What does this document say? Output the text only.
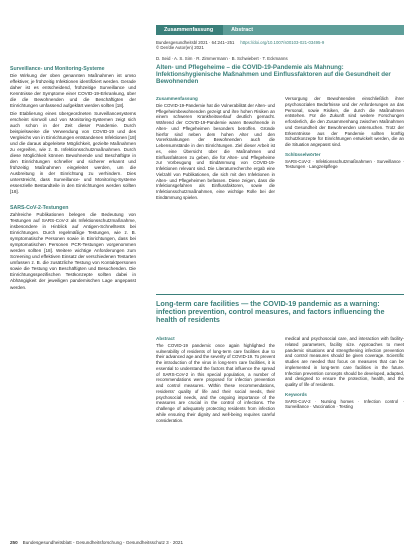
Surveillance- und Monitoring-Systeme

Die Wirkung der oben genannten Maßnahmen ist umso effektiver, je frühzeitig Infektionen identifiziert werden. Gerade daher ist es entscheidend, frühzeitige Surveillance und Kenntnisse der Symptome einer COVID-19-Erkrankung, über die die Bewohnenden und die Beschäftigten der Einrichtungen umfassend aufgeklärt werden sollten [18].

Die Etablierung eines übergeordneten Surveillancesystems erscheint sinnvoll und von Monitoring-Systemen zeigt sich auch schon in der Zeit dieser Pandemie. Durch beispielsweise die Verwendung von COVID-19 und des Vergleichs von in Einrichtungen entstandenen Infektionen [18] und die daraus abgeleitete Möglichkeit, gezielte Maßnahmen zu ergreifen, wie z. B. Infektionsschutzmaßnahmen. Durch diese Möglichkeit können Bewohnende und Beschäftigte in den Einrichtungen schneller und sicherer erkannt und frühzeitig Maßnahmen eingeleitet werden, um die Ausbreitung in der Einrichtung zu verhindern. Dies unterstreicht, dass Surveillance- und Monitoring-Systeme essenzielle Bestandteile in den Einrichtungen werden sollten [18].

SARS-CoV-2-Testungen

Zahlreiche Publikationen belegen die Bedeutung von Testungen auf SARS-CoV-2 als Infektionsschutzmaßnahme, insbesondere in Hinblick auf Antigen-Schnelltests bei Einrichtungen. Durch regelmäßige Testungen, wie z. B. symptomatische Personen sowie in Einrichtungen, dass bei symptomatischen Personen PCR-Testungen vorgenommen werden sollten [18]. Weitere wichtige Anforderungen zum Screening und effektiven Einsatz der verschiedenen Testarten umfassen z. B. die zusätzliche Testung von Kontaktpersonen sowie die Testung von Beschäftigten und Besuchenden. Die Einrichtungsspezifischen Testkonzepte sollten dabei in Abhängigkeit der jeweiligen pandemischen Lage angepasst werden.

Zusammenfassung	Abstract
Bundesgesundheitsbl 2021 · 64:241–251 https://doi.org/10.1007/s00103-021-03495-9
© Der/die Autor(en) 2021
D. Seid · A. S. Sim · R. Zimmermann · B. Schwiebert · T. Eckmanns
Alten- und Pflegeheime – die COVID-19-Pandemie als Mahnung: Infektionshygienische Maßnahmen und Einflussfaktoren auf die Gesundheit der Bewohnenden
Zusammenfassung

Die COVID-19-Pandemie hat die Vulnerabilität der Alten- und Pflegeheimbewohnenden gezeigt und ihre hohen Risiken an einem schweren Krankheitsverlauf deutlich gemacht. Während der COVID-19-Pandemie waren Bewohnende in Alten- und Pflegeheimen besonders betroffen. Gründe hierfür sind neben dem hohen Alter und den Vorerkrankungen der Bewohnenden auch die Lebensumstände in den Einrichtungen. Ziel dieser Arbeit ist es, eine Übersicht über die Maßnahmen und Einflussfaktoren zu geben, die für Alten- und Pflegeheime zur Vorbeugung und Eindämmung von COVID-19-Infektionen relevant sind. Die Literaturrecherche ergab eine Vielzahl von Publikationen, die sich mit den Infektionen in Alten- und Pflegeheimen befassen. Diese zeigen, dass die Infektionsgefahren als Einflussfaktoren, sowie die Infektionsschutzmaßnahmen, eine wichtige Rolle bei der Eindämmung spielen.

Versorgung der Bewohnenden einschließlich ihrer psychosozialen Bedürfnisse und der Anforderungen an das Personal, sowie Risiken, die durch die Maßnahmen entstehen. Für die Zukunft sind weitere Forschungen erforderlich, die den Zusammenhang zwischen Maßnahmen und Gesundheit der Bewohnenden untersuchen. Trotz der Erkenntnisse aus der Pandemie sollten künftig Schutzkonzepte für Einrichtungen entwickelt werden, die an die Situation angepasst sind.

Schlüsselwörter

SARS-CoV-2 · Infektionsschutzmaßnahmen · Surveillance · Testungen · Langzeitpflege

Long-term care facilities — the COVID-19 pandemic as a warning: infection prevention, control measures, and factors influencing the health of residents
Abstract

The COVID-19 pandemic once again highlighted the vulnerability of residents of long-term care facilities due to their advanced age and the severity of COVID-19. To prevent the introduction of the virus in long-term care facilities, it is essential to understand the factors that influence the spread of SARS-CoV-2 in this special population, a number of recommendations were proposed for infection prevention and control measures. Within these recommendations, residents' quality of life and their social needs, their psychosocial needs, and the ongoing importance of the measures are crucial in the control of infections. The challenge of adequately protecting residents from infection while ensuring their dignity and well-being requires careful consideration.

medical and psychosocial care, and interaction with facility-related parameters, facility size. Approaches to meet pandemic situations and strengthening infection prevention and control measures should be given coverage. Scientific studies are needed that focus on measures that can be implemented in long-term care facilities in the future. Infection prevention concepts should be developed, adapted, and designed to ensure the protection, health, and the quality of life of residents.

Keywords

SARS-CoV-2 · Nursing homes · Infection control · Surveillance · Vaccination · Testing

250 Bundesgesundheitsblatt - Gesundheitsforschung - Gesundheitsschutz 3 · 2021
